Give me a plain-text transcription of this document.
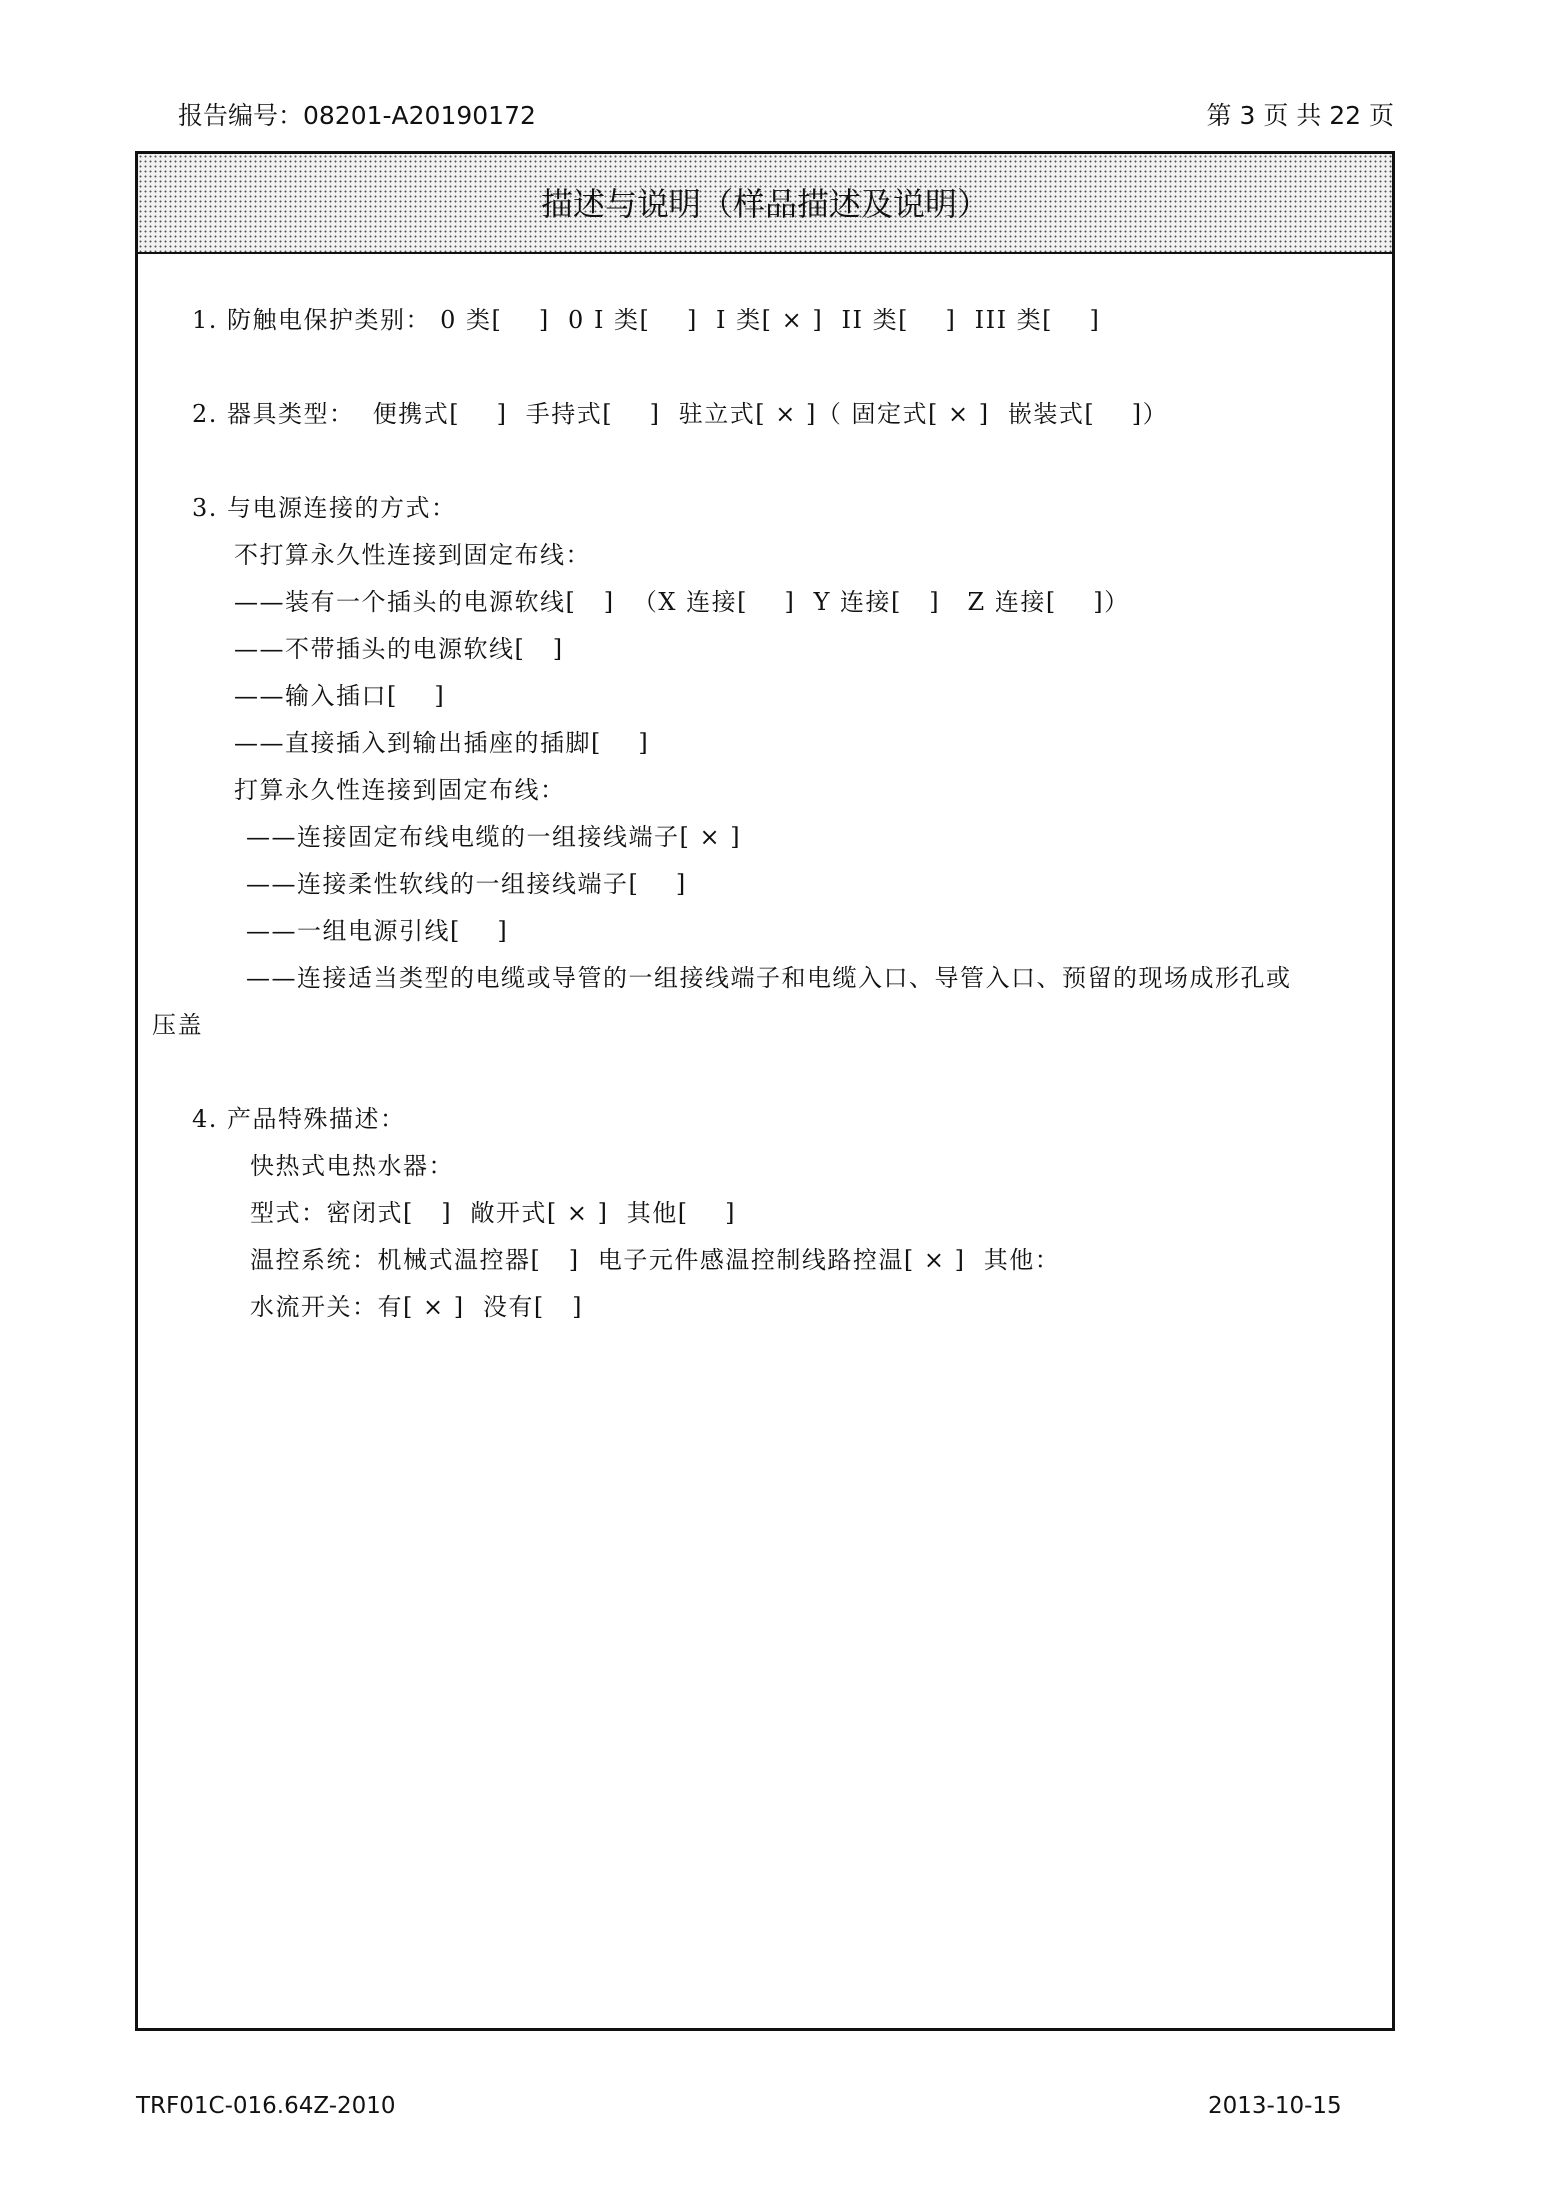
报告编号：08201-A20190172	第 3 页 共 22 页
描述与说明（样品描述及说明）
1. 防触电保护类别： 0 类[    ]  0 I 类[    ]  I 类[ × ]  II 类[    ]  III 类[    ]
2. 器具类型：  便携式[    ]  手持式[    ]  驻立式[ × ]（ 固定式[ × ]  嵌装式[    ]）
3. 与电源连接的方式：
不打算永久性连接到固定布线：
——装有一个插头的电源软线[   ]  （X 连接[    ]  Y 连接[   ]   Z 连接[    ]）
——不带插头的电源软线[   ]
——输入插口[    ]
——直接插入到输出插座的插脚[    ]
打算永久性连接到固定布线：
——连接固定布线电缆的一组接线端子[ × ]
——连接柔性软线的一组接线端子[    ]
——一组电源引线[    ]
——连接适当类型的电缆或导管的一组接线端子和电缆入口、导管入口、预留的现场成形孔或
压盖
4. 产品特殊描述：
快热式电热水器：
型式：密闭式[   ]  敞开式[ × ]  其他[    ]
温控系统：机械式温控器[   ]  电子元件感温控制线路控温[ × ]  其他：
水流开关：有[ × ]  没有[   ]
TRF01C-016.64Z-2010	2013-10-15
